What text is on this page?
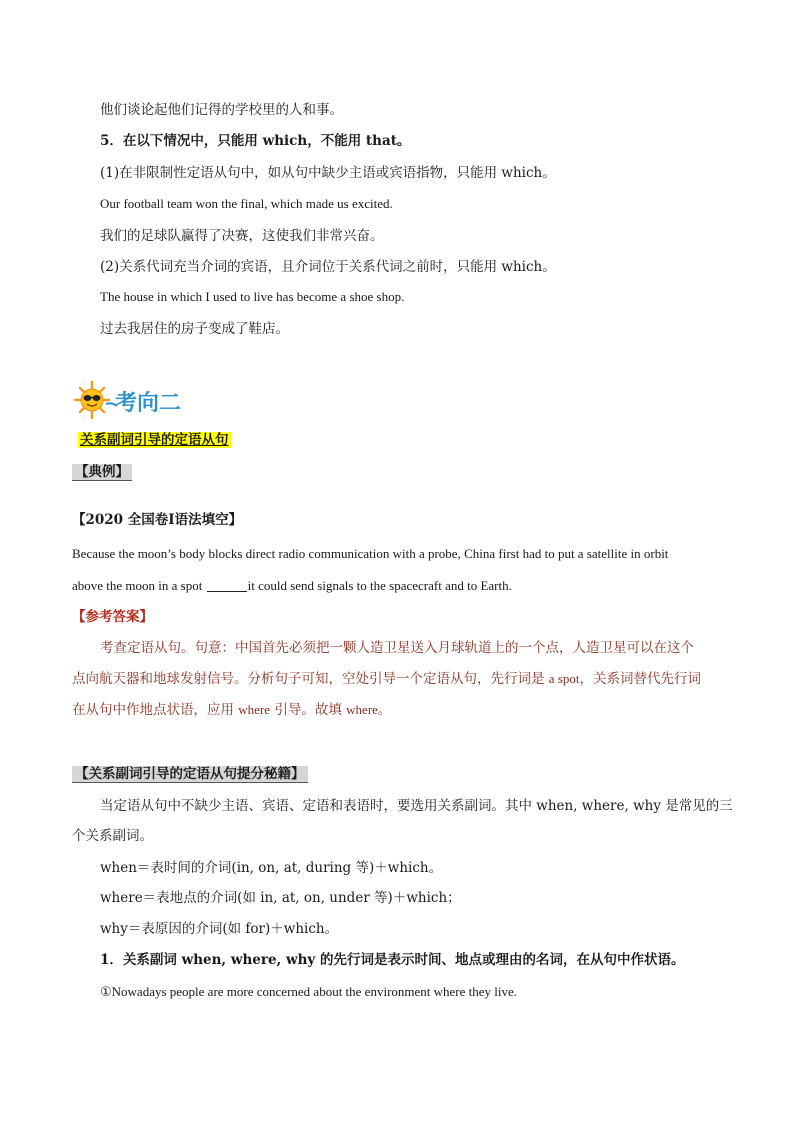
他们谈论起他们记得的学校里的人和事。
5．在以下情况中，只能用 which，不能用 that。
(1)在非限制性定语从句中，如从句中缺少主语或宾语指物，只能用 which。
Our football team won the final, which made us excited.
我们的足球队赢得了决赛，这使我们非常兴奋。
(2)关系代词充当介词的宾语，且介词位于关系代词之前时，只能用 which。
The house in which I used to live has become a shoe shop.
过去我居住的房子变成了鞋店。
考向二
关系副词引导的定语从句
【典例】
【2020 全国卷Ⅰ语法填空】
Because the moon’s body blocks direct radio communication with a probe, China first had to put a satellite in orbit
above the moon in a spot	it could send signals to the spacecraft and to Earth.
【参考答案】
考查定语从句。句意：中国首先必须把一颗人造卫星送入月球轨道上的一个点，人造卫星可以在这个
点向航天器和地球发射信号。分析句子可知，空处引导一个定语从句，先行词是 a spot，关系词替代先行词
在从句中作地点状语，应用 where 引导。故填 where。
【关系副词引导的定语从句提分秘籍】
当定语从句中不缺少主语、宾语、定语和表语时，要选用关系副词。其中 when, where, why 是常见的三
个关系副词。
when＝表时间的介词(in, on, at, during 等)＋which。
where＝表地点的介词(如 in, at, on, under 等)＋which；
why＝表原因的介词(如 for)＋which。
1．关系副词 when, where, why 的先行词是表示时间、地点或理由的名词，在从句中作状语。
①Nowadays people are more concerned about the environment where they live.
